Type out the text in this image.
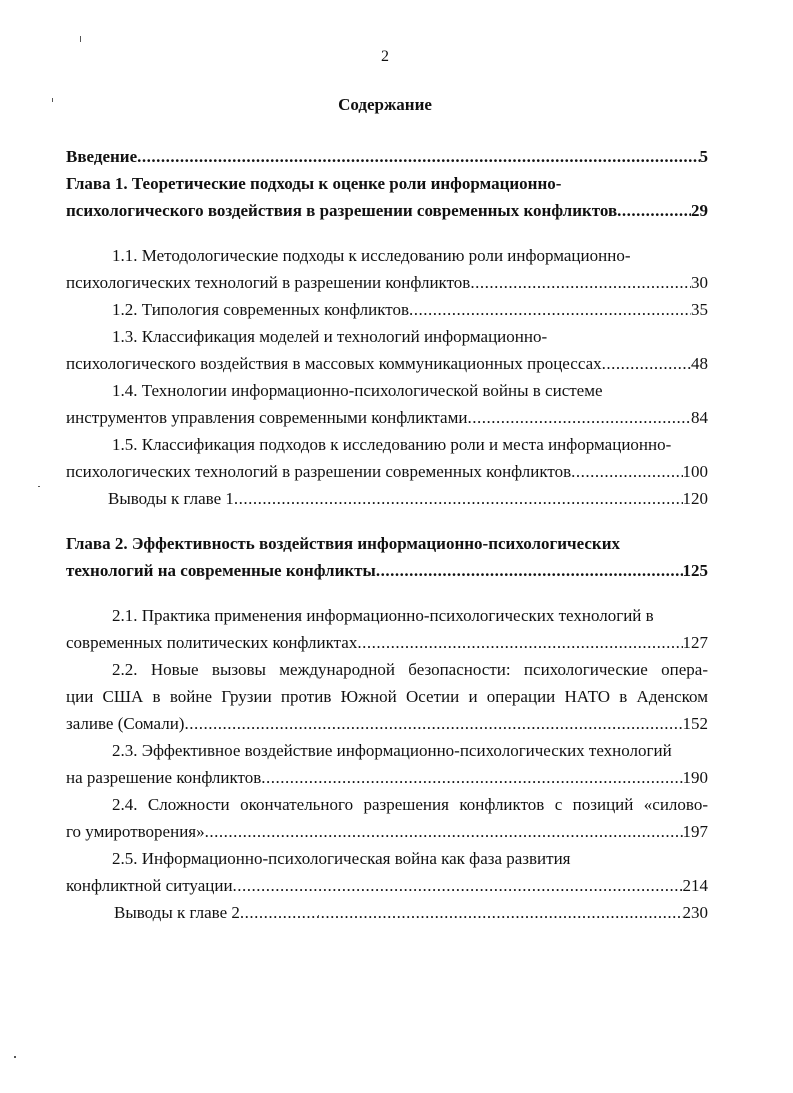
2
Содержание
Введение .....	5
Глава 1. Теоретические подходы к оценке роли информационно-
психологического воздействия в разрешении современных конфликтов .....	29
1.1. Методологические подходы к исследованию роли информационно-
психологических технологий в разрешении конфликтов .....	30
1.2. Типология современных конфликтов .....	35
1.3. Классификация моделей и технологий информационно-
психологического воздействия в массовых коммуникационных процессах .....	48
1.4. Технологии информационно-психологической войны в системе
инструментов управления современными конфликтами .....	84
1.5. Классификация подходов к исследованию роли и места информационно-
психологических технологий в разрешении современных конфликтов .....	100
Выводы к главе 1 .....	120
Глава 2. Эффективность воздействия информационно-психологических
технологий на современные конфликты .....	125
2.1. Практика применения информационно-психологических технологий в
современных политических конфликтах .....	127
2.2. Новые вызовы международной безопасности: психологические опера-
ции США в войне Грузии против Южной Осетии и операции НАТО в Аденском
заливе (Сомали) .....	152
2.3. Эффективное воздействие информационно-психологических технологий
на разрешение конфликтов .....	190
2.4. Сложности окончательного разрешения конфликтов с позиций «силово-
го умиротворения» .....	197
2.5. Информационно-психологическая война как фаза развития
конфликтной ситуации .....	214
Выводы к главе 2 .....	230
